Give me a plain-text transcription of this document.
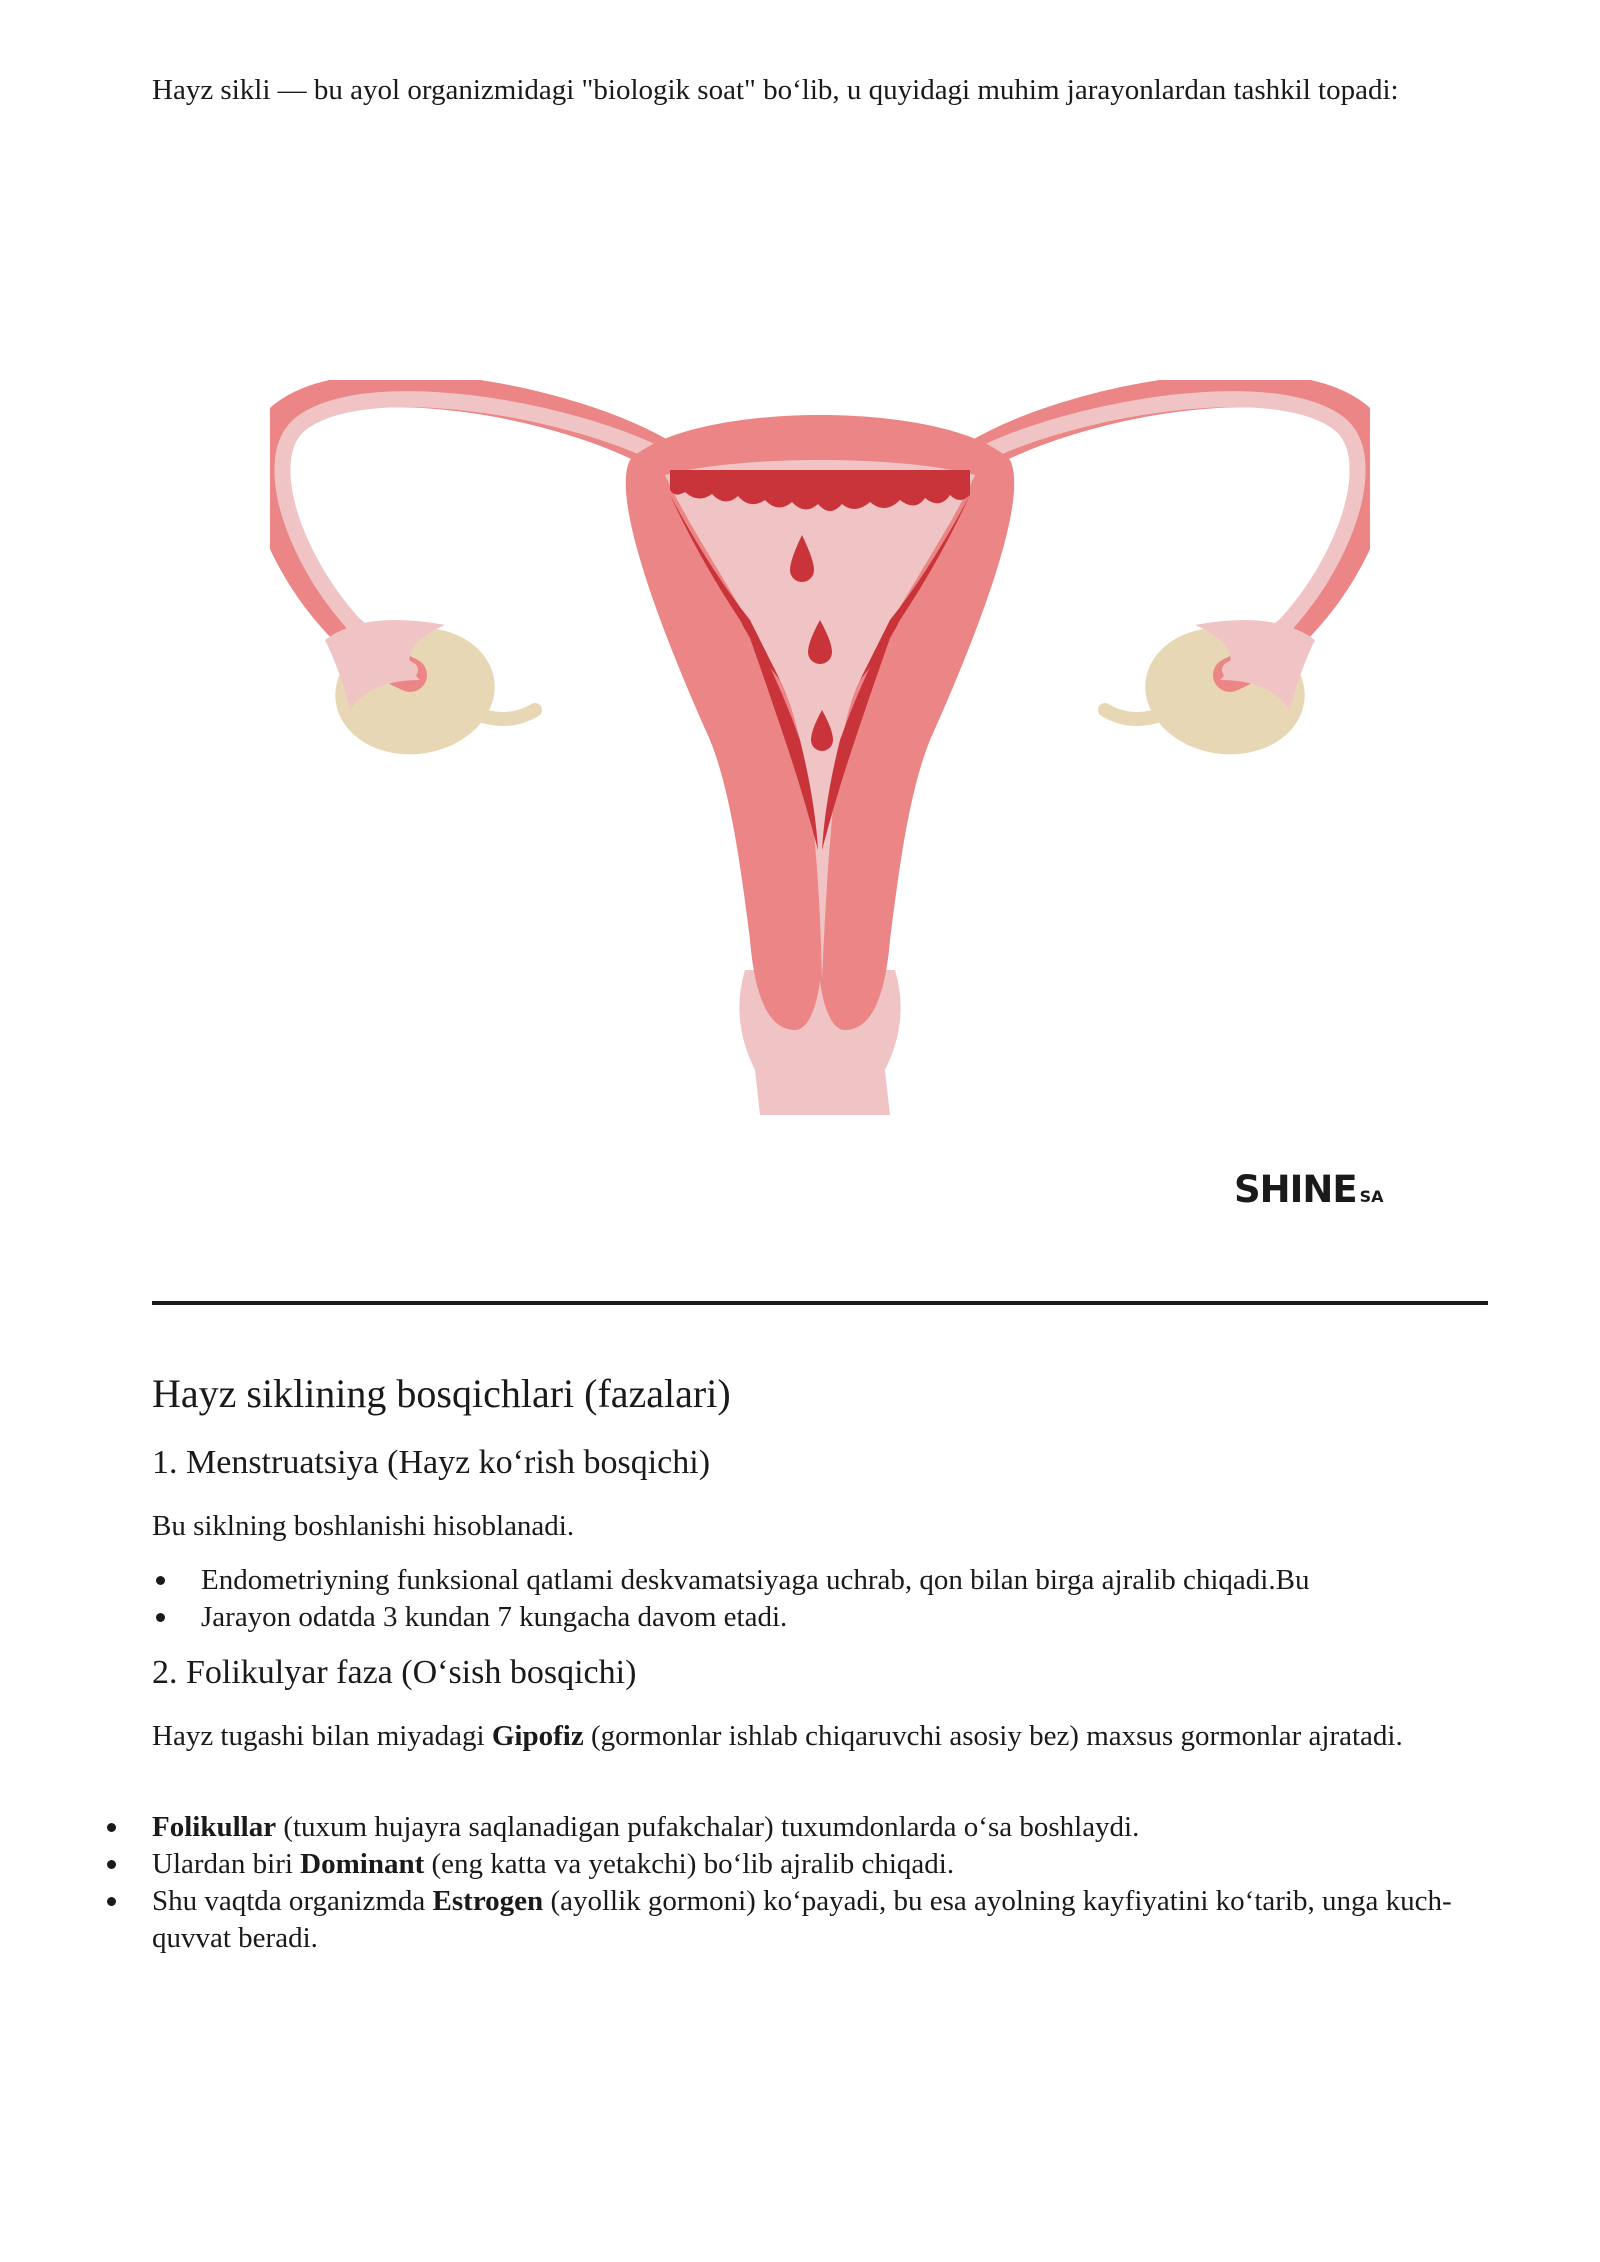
Hayz sikli — bu ayol organizmidagi "biologik soat" bo‘lib, u quyidagi muhim jarayonlardan tashkil topadi:

SHINE SA
Hayz siklining bosqichlari (fazalari)
1. Menstruatsiya (Hayz ko‘rish bosqichi)

Bu siklning boshlanishi hisoblanadi.

Endometriyning funksional qatlami deskvamatsiyaga uchrab, qon bilan birga ajralib chiqadi.Bu
Jarayon odatda 3 kundan 7 kungacha davom etadi.
2. Folikulyar faza (O‘sish bosqichi)

Hayz tugashi bilan miyadagi Gipofiz (gormonlar ishlab chiqaruvchi asosiy bez) maxsus gormonlar ajratadi.

Folikullar (tuxum hujayra saqlanadigan pufakchalar) tuxumdonlarda o‘sa boshlaydi.
Ulardan biri Dominant (eng katta va yetakchi) bo‘lib ajralib chiqadi.
Shu vaqtda organizmda Estrogen (ayollik gormoni) ko‘payadi, bu esa ayolning kayfiyatini ko‘tarib, unga kuch-quvvat beradi.
